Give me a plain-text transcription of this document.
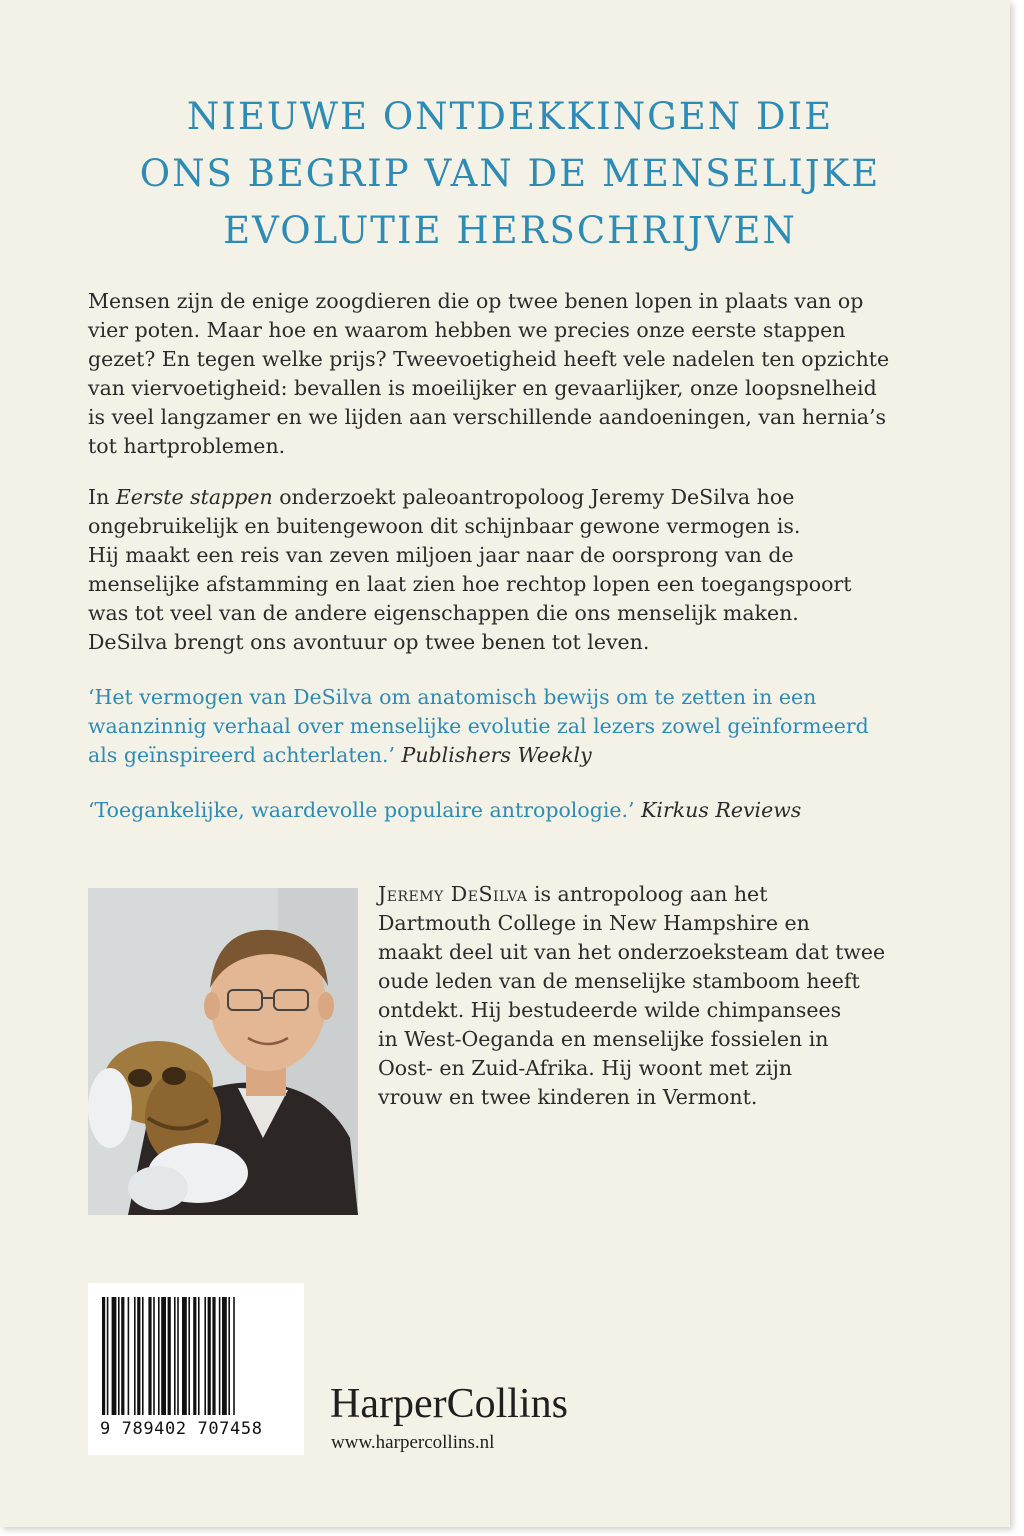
NIEUWE ONTDEKKINGEN DIE
ONS BEGRIP VAN DE MENSELIJKE
EVOLUTIE HERSCHRIJVEN

Mensen zijn de enige zoogdieren die op twee benen lopen in plaats van op

vier poten. Maar hoe en waarom hebben we precies onze eerste stappen

gezet? En tegen welke prijs? Tweevoetigheid heeft vele nadelen ten opzichte

van viervoetigheid: bevallen is moeilijker en gevaarlijker, onze loopsnelheid

is veel langzamer en we lijden aan verschillende aandoeningen, van hernia’s

tot hartproblemen.

In Eerste stappen onderzoekt paleoantropoloog Jeremy DeSilva hoe

ongebruikelijk en buitengewoon dit schijnbaar gewone vermogen is.

Hij maakt een reis van zeven miljoen jaar naar de oorsprong van de

menselijke afstamming en laat zien hoe rechtop lopen een toegangspoort

was tot veel van de andere eigenschappen die ons menselijk maken.

DeSilva brengt ons avontuur op twee benen tot leven.

‘Het vermogen van DeSilva om anatomisch bewijs om te zetten in een
waanzinnig verhaal over menselijke evolutie zal lezers zowel geïnformeerd
als geïnspireerd achterlaten.’ Publishers Weekly
‘Toegankelijke, waardevolle populaire antropologie.’ Kirkus Reviews
Jeremy DeSilva is antropoloog aan het
Dartmouth College in New Hampshire en
maakt deel uit van het onderzoeksteam dat twee
oude leden van de menselijke stamboom heeft
ontdekt. Hij bestudeerde wilde chimpansees
in West-Oeganda en menselijke fossielen in
Oost- en Zuid-Afrika. Hij woont met zijn
vrouw en twee kinderen in Vermont.
9 789402 707458
HarperCollins
www.harpercollins.nl
